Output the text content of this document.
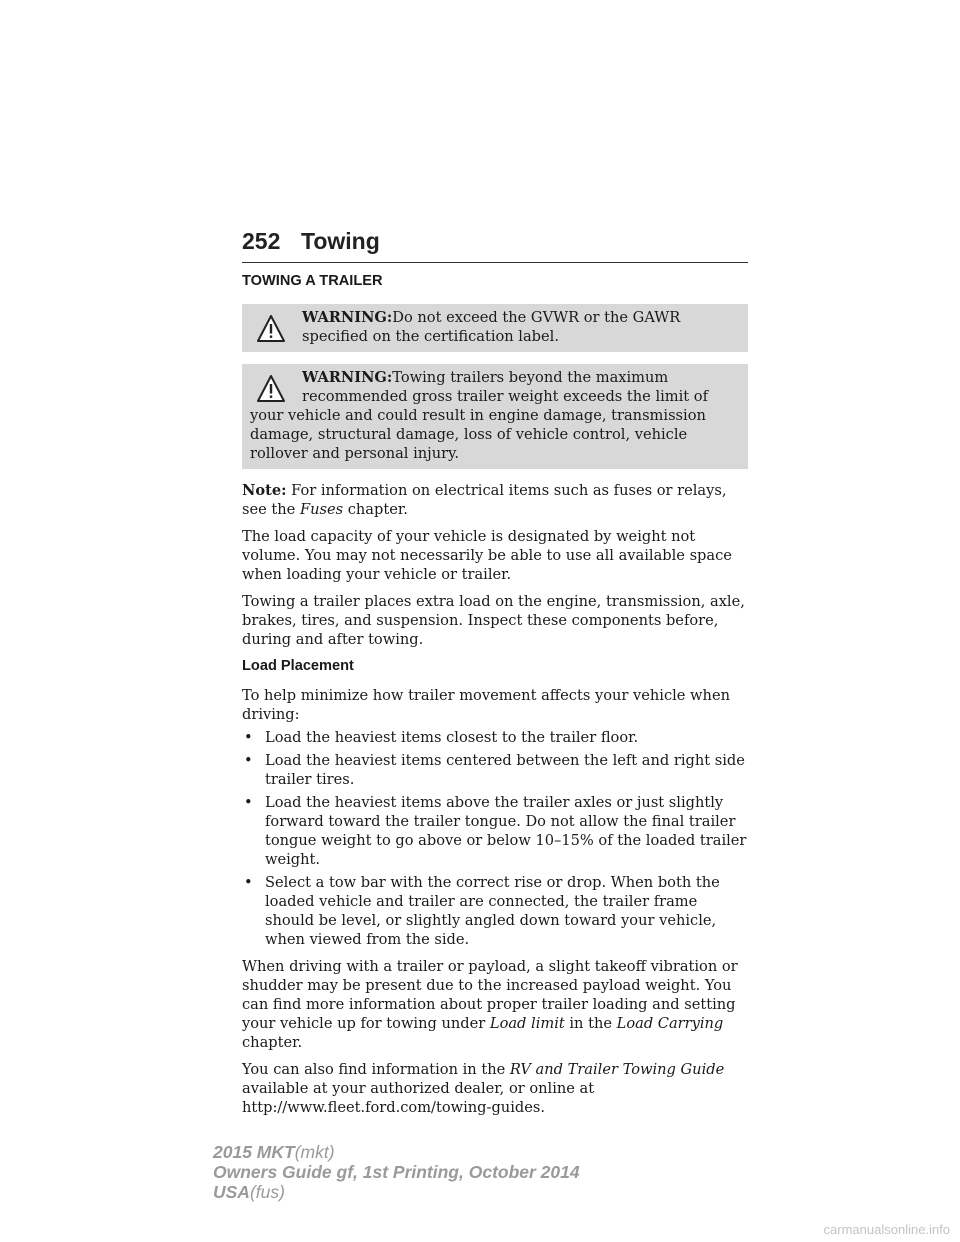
252 Towing
TOWING A TRAILER

WARNING:Do not exceed the GVWR or the GAWR specified on the certification label.

WARNING:Towing trailers beyond the maximum recommended gross trailer weight exceeds the limit of your vehicle and could result in engine damage, transmission damage, structural damage, loss of vehicle control, vehicle rollover and personal injury.

Note: For information on electrical items such as fuses or relays, see the Fuses chapter.

The load capacity of your vehicle is designated by weight not volume. You may not necessarily be able to use all available space when loading your vehicle or trailer.

Towing a trailer places extra load on the engine, transmission, axle, brakes, tires, and suspension. Inspect these components before, during and after towing.

Load Placement

To help minimize how trailer movement affects your vehicle when driving:

• Load the heaviest items closest to the trailer floor.
• Load the heaviest items centered between the left and right side trailer tires.
• Load the heaviest items above the trailer axles or just slightly forward toward the trailer tongue. Do not allow the final trailer tongue weight to go above or below 10–15% of the loaded trailer weight.
• Select a tow bar with the correct rise or drop. When both the loaded vehicle and trailer are connected, the trailer frame should be level, or slightly angled down toward your vehicle, when viewed from the side.

When driving with a trailer or payload, a slight takeoff vibration or shudder may be present due to the increased payload weight. You can find more information about proper trailer loading and setting your vehicle up for towing under Load limit in the Load Carrying chapter.

You can also find information in the RV and Trailer Towing Guide available at your authorized dealer, or online at http://www.fleet.ford.com/towing-guides.

2015 MKT(mkt)
Owners Guide gf, 1st Printing, October 2014
USA(fus)
carmanualsonline.info
